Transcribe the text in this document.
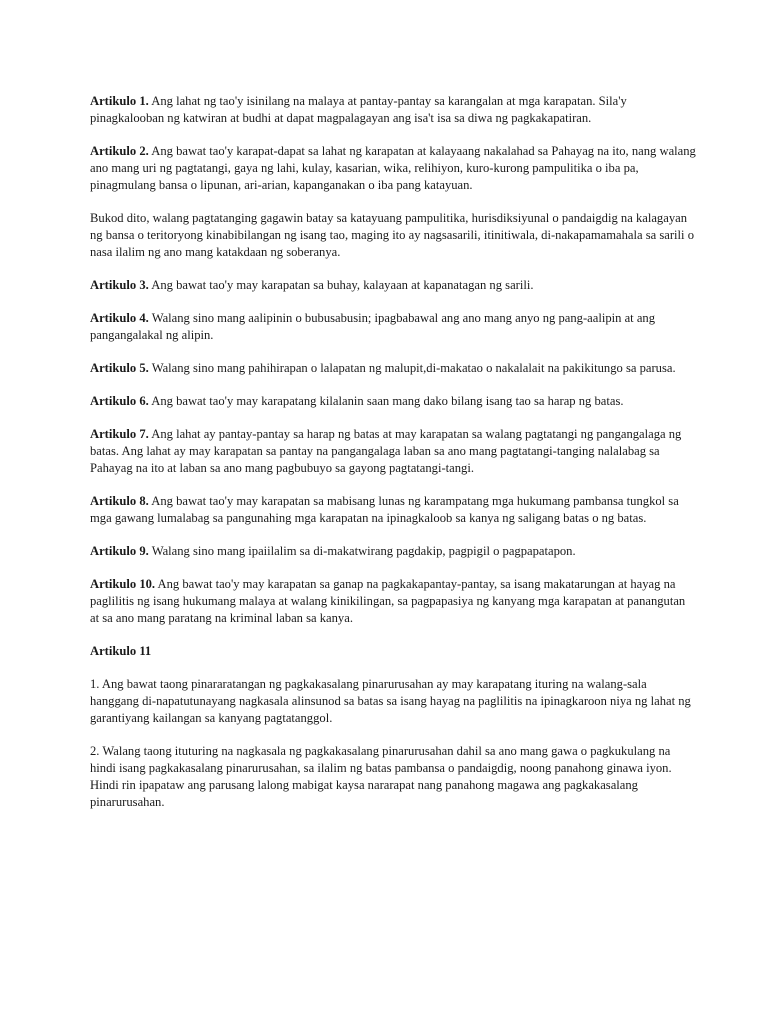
Artikulo 1. Ang lahat ng tao'y isinilang na malaya at pantay-pantay sa karangalan at mga karapatan. Sila'y pinagkalooban ng katwiran at budhi at dapat magpalagayan ang isa't isa sa diwa ng pagkakapatiran.

Artikulo 2. Ang bawat tao'y karapat-dapat sa lahat ng karapatan at kalayaang nakalahad sa Pahayag na ito, nang walang ano mang uri ng pagtatangi, gaya ng lahi, kulay, kasarian, wika, relihiyon, kuro-kurong pampulitika o iba pa, pinagmulang bansa o lipunan, ari-arian, kapanganakan o iba pang katayuan.

Bukod dito, walang pagtatanging gagawin batay sa katayuang pampulitika, hurisdiksiyunal o pandaigdig na kalagayan ng bansa o teritoryong kinabibilangan ng isang tao, maging ito ay nagsasarili, itinitiwala, di-nakapamamahala sa sarili o nasa ilalim ng ano mang katakdaan ng soberanya.

Artikulo 3. Ang bawat tao'y may karapatan sa buhay, kalayaan at kapanatagan ng sarili.

Artikulo 4. Walang sino mang aalipinin o bubusabusin; ipagbabawal ang ano mang anyo ng pang-aalipin at ang pangangalakal ng alipin.

Artikulo 5. Walang sino mang pahihirapan o lalapatan ng malupit,di-makatao o nakalalait na pakikitungo sa parusa.

Artikulo 6. Ang bawat tao'y may karapatang kilalanin saan mang dako bilang isang tao sa harap ng batas.

Artikulo 7. Ang lahat ay pantay-pantay sa harap ng batas at may karapatan sa walang pagtatangi ng pangangalaga ng batas. Ang lahat ay may karapatan sa pantay na pangangalaga laban sa ano mang pagtatangi-tanging nalalabag sa Pahayag na ito at laban sa ano mang pagbubuyo sa gayong pagtatangi-tangi.

Artikulo 8. Ang bawat tao'y may karapatan sa mabisang lunas ng karampatang mga hukumang pambansa tungkol sa mga gawang lumalabag sa pangunahing mga karapatan na ipinagkaloob sa kanya ng saligang batas o ng batas.

Artikulo 9. Walang sino mang ipaiilalim sa di-makatwirang pagdakip, pagpigil o pagpapatapon.

Artikulo 10. Ang bawat tao'y may karapatan sa ganap na pagkakapantay-pantay, sa isang makatarungan at hayag na paglilitis ng isang hukumang malaya at walang kinikilingan, sa pagpapasiya ng kanyang mga karapatan at panangutan at sa ano mang paratang na kriminal laban sa kanya.

Artikulo 11

1. Ang bawat taong pinararatangan ng pagkakasalang pinarurusahan ay may karapatang ituring na walang-sala hanggang di-napatutunayang nagkasala alinsunod sa batas sa isang hayag na paglilitis na ipinagkaroon niya ng lahat ng garantiyang kailangan sa kanyang pagtatanggol.

2. Walang taong ituturing na nagkasala ng pagkakasalang pinarurusahan dahil sa ano mang gawa o pagkukulang na hindi isang pagkakasalang pinarurusahan, sa ilalim ng batas pambansa o pandaigdig, noong panahong ginawa iyon. Hindi rin ipapataw ang parusang lalong mabigat kaysa nararapat nang panahong magawa ang pagkakasalang pinarurusahan.
